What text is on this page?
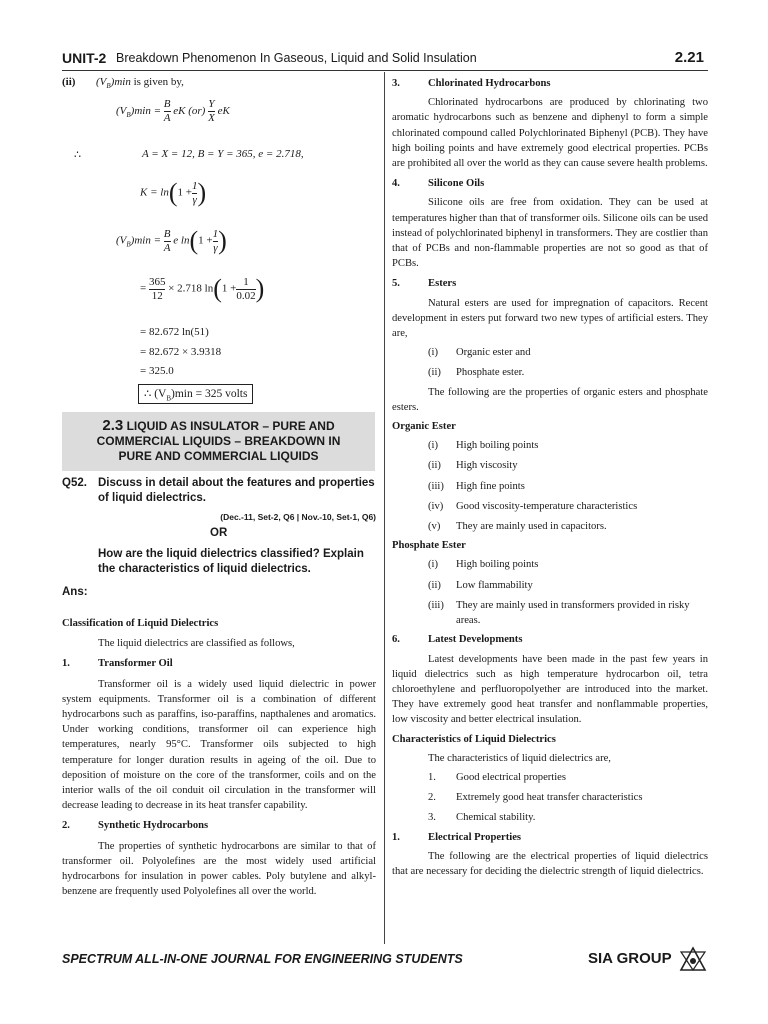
UNIT-2 Breakdown Phenomenon In Gaseous, Liquid and Solid Insulation	2.21
(ii) $(V_B)\min$ is given by,
$(V_B)\min = \frac{B}{A}$ eK $(or) \frac{Y}{X}$ eK
∴	A = X = 12, B = Y = 365, e = 2.718,
$K = \ln(1 + \frac{1}{\gamma}$ )
$(V_B)\min = \frac{B}{A}$ e $\ln(1 + \frac{1}{\gamma}$ )
= $\frac{365}{12} \times 2.718$ $\ln(1 + \frac{1}{0.02}$ )
= 82.672 ln(51)
= 82.672 × 3.9318
= 325.0
∴ $(V_B)\min = 325$ volts
2.3 LIQUID AS INSULATOR – PURE AND
COMMERCIAL LIQUIDS – BREAKDOWN IN
PURE AND COMMERCIAL LIQUIDS
Q52. Discuss in detail about the features and properties of liquid dielectrics.
(Dec.-11, Set-2, Q6 | Nov.-10, Set-1, Q6)
OR
How are the liquid dielectrics classified? Explain the characteristics of liquid dielectrics.
Ans:

Classification of Liquid Dielectrics

The liquid dielectrics are classified as follows,

1.	Transformer Oil

Transformer oil is a widely used liquid dielectric in power system equipments. Transformer oil is a combination of different hydrocarbons such as paraffins, iso-paraffins, napthalenes and aromatics. Under working conditions, transformer oil can experience high temperatures, nearly 95°C. Transformer oils subjected to high temperature for longer duration results in ageing of the oil. Due to deposition of moisture on the core of the transformer, coils and on the interior walls of the oil conduit oil circulation in the transformer will decrease leading to decrease in its heat transfer capability.

2.	Synthetic Hydrocarbons

The properties of synthetic hydrocarbons are similar to that of transformer oil. Polyolefines are the most widely used artificial hydrocarbons for insulation in power cables. Poly butylene and alkyl-benzene are frequently used Polyolefines all over the world.

3.	Chlorinated Hydrocarbons

Chlorinated hydrocarbons are produced by chlorinating two aromatic hydrocarbons such as benzene and diphenyl to form a simple chlorinated compound called Polychlorinated Biphenyl (PCB). They have high boiling points and have extremely good electrical properties. PCBs are prohibited all over the world as they can cause severe health problems.

4.	Silicone Oils

Silicone oils are free from oxidation. They can be used at temperatures higher than that of transformer oils. Silicone oils can be used instead of polychlorinated biphenyl in transformers. They are costlier than that of PCBs and non-flammable properties are not so good as that of PCBs.

5.	Esters

Natural esters are used for impregnation of capacitors. Recent development in esters put forward two new types of artificial esters. They are,

(i) Organic ester and

(ii) Phosphate ester.

The following are the properties of organic esters and phosphate esters.

Organic Ester

(i) High boiling points

(ii) High viscosity

(iii) High fine points

(iv) Good viscosity-temperature characteristics

(v) They are mainly used in capacitors.

Phosphate Ester

(i) High boiling points

(ii) Low flammability

(iii) They are mainly used in transformers provided in risky areas.

6.	Latest Developments

Latest developments have been made in the past few years in liquid dielectrics such as high temperature hydrocarbon oil, tetra chloroethylene and perfluoropolyether are introduced into the market. They have extremely good heat transfer and nonflammable properties, low viscosity and better electrical insulation.

Characteristics of Liquid Dielectrics

The characteristics of liquid dielectrics are,

1. Good electrical properties

2. Extremely good heat transfer characteristics

3. Chemical stability.

1.	Electrical Properties

The following are the electrical properties of liquid dielectrics that are necessary for deciding the dielectric strength of liquid dielectrics.

SPECTRUM ALL-IN-ONE JOURNAL FOR ENGINEERING STUDENTS	SIA GROUP
